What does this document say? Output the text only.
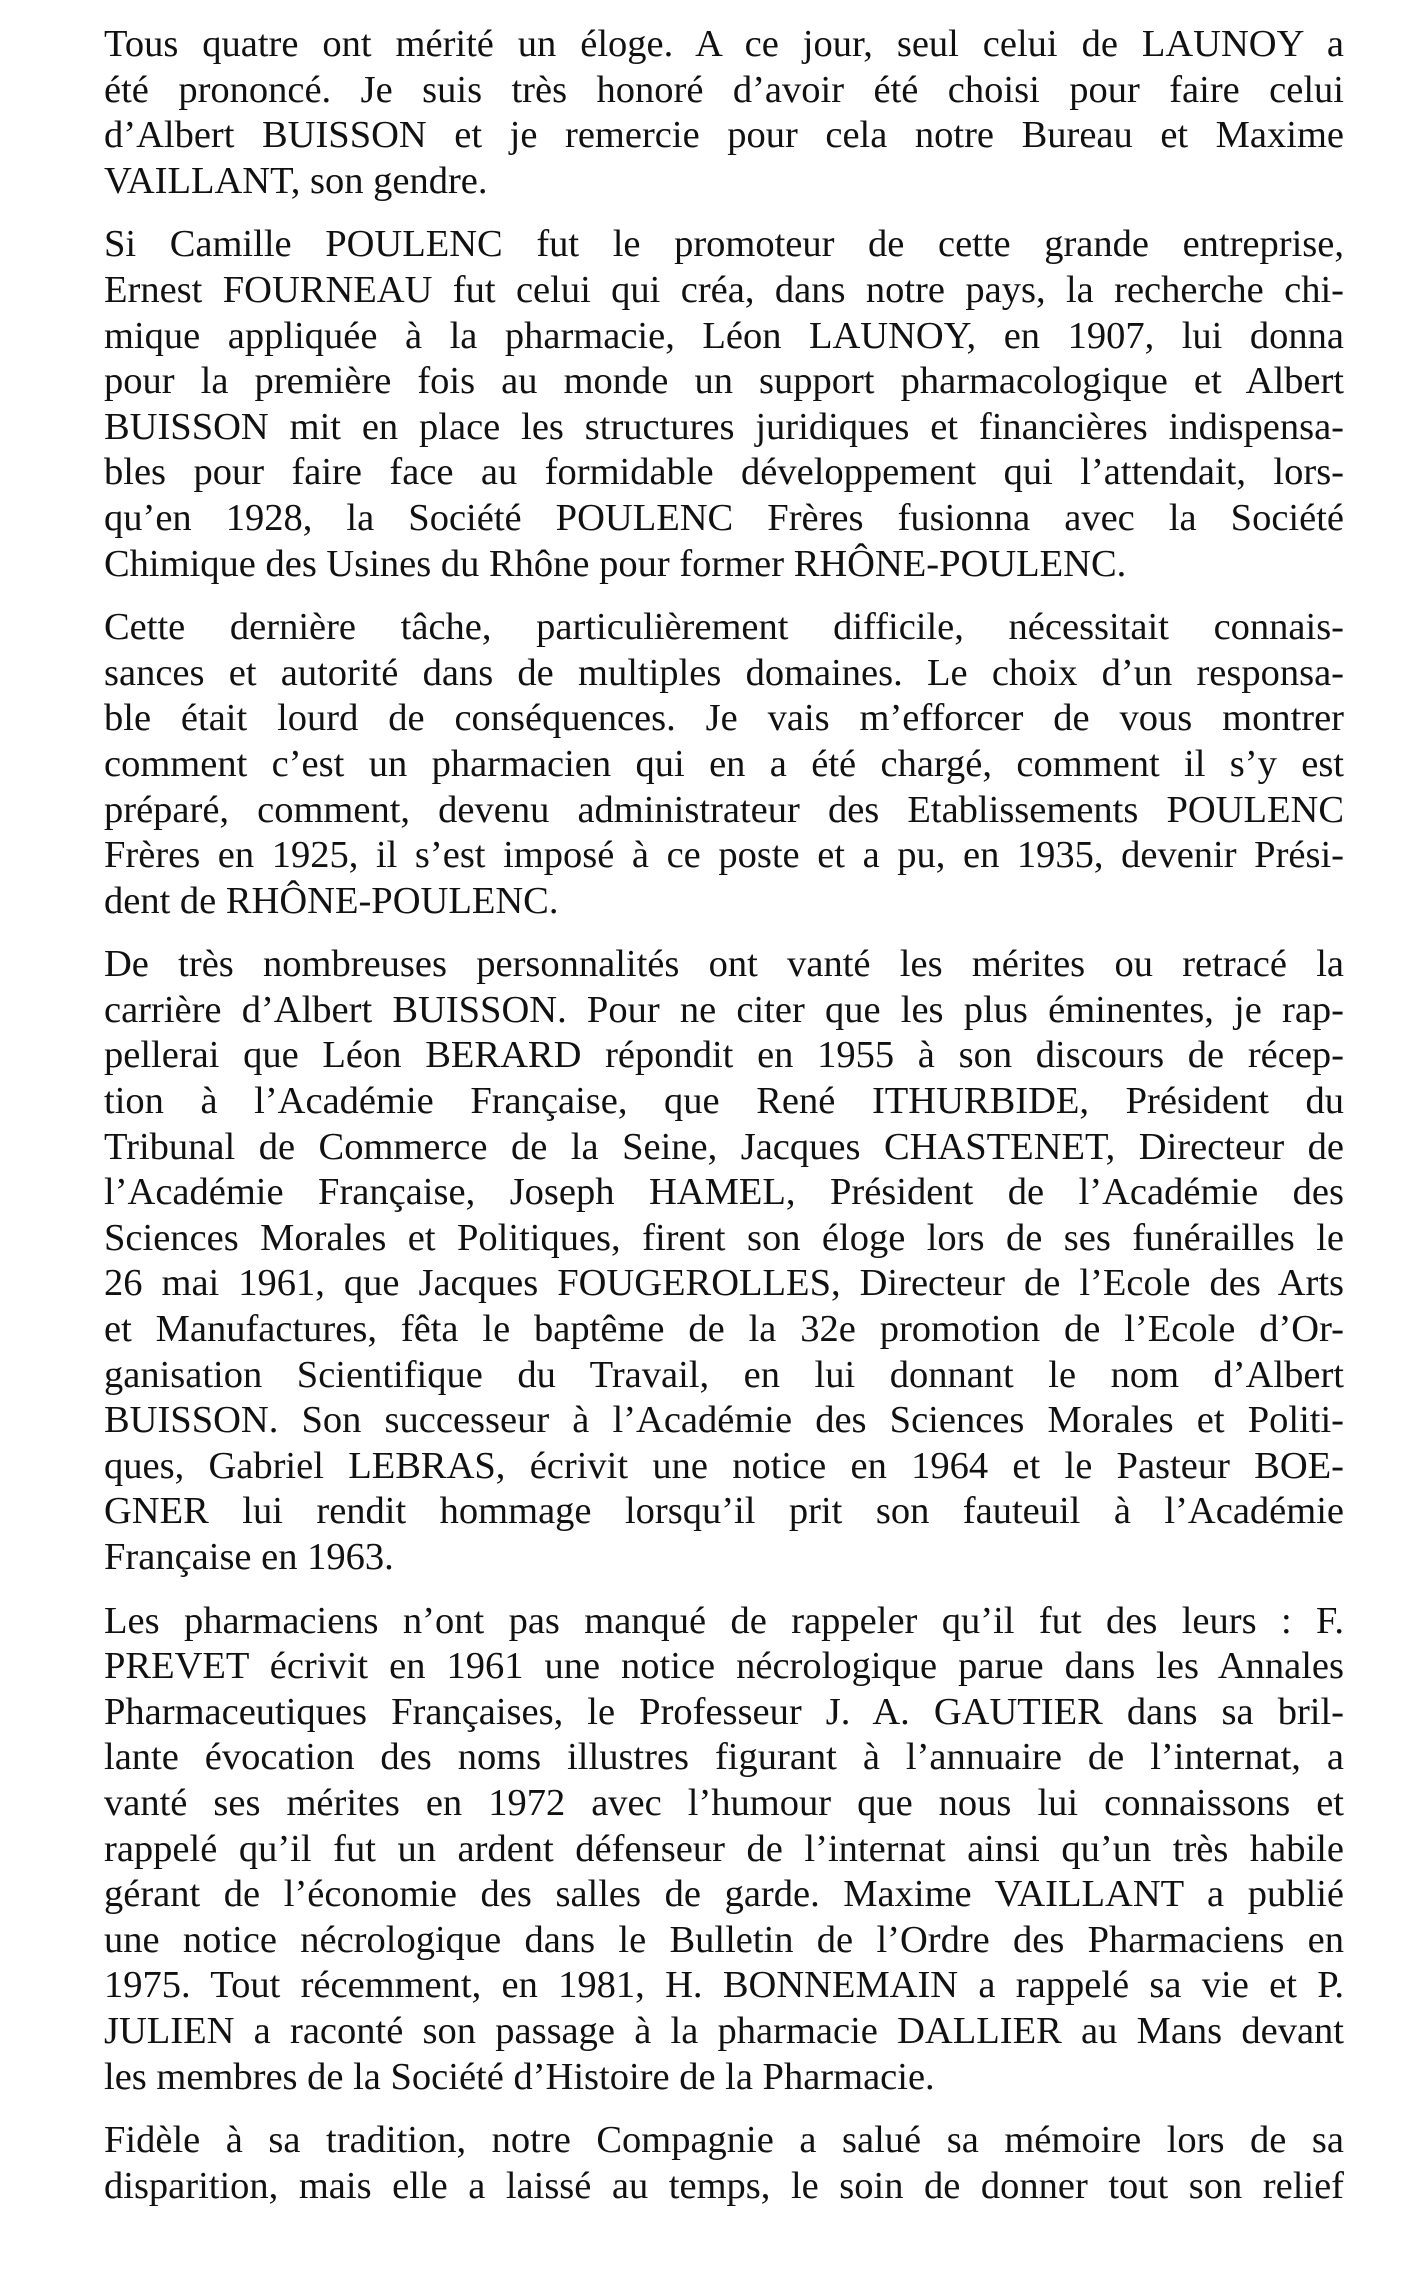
Tous quatre ont mérité un éloge. A ce jour, seul celui de LAUNOY a
été prononcé. Je suis très honoré d’avoir été choisi pour faire celui
d’Albert BUISSON et je remercie pour cela notre Bureau et Maxime
VAILLANT, son gendre.

Si Camille POULENC fut le promoteur de cette grande entreprise,
Ernest FOURNEAU fut celui qui créa, dans notre pays, la recherche chi-
mique appliquée à la pharmacie, Léon LAUNOY, en 1907, lui donna
pour la première fois au monde un support pharmacologique et Albert
BUISSON mit en place les structures juridiques et financières indispensa-
bles pour faire face au formidable développement qui l’attendait, lors-
qu’en 1928, la Société POULENC Frères fusionna avec la Société
Chimique des Usines du Rhône pour former RHÔNE-POULENC.

Cette dernière tâche, particulièrement difficile, nécessitait connais-
sances et autorité dans de multiples domaines. Le choix d’un responsa-
ble était lourd de conséquences. Je vais m’efforcer de vous montrer
comment c’est un pharmacien qui en a été chargé, comment il s’y est
préparé, comment, devenu administrateur des Etablissements POULENC
Frères en 1925, il s’est imposé à ce poste et a pu, en 1935, devenir Prési-
dent de RHÔNE-POULENC.

De très nombreuses personnalités ont vanté les mérites ou retracé la
carrière d’Albert BUISSON. Pour ne citer que les plus éminentes, je rap-
pellerai que Léon BERARD répondit en 1955 à son discours de récep-
tion à l’Académie Française, que René ITHURBIDE, Président du
Tribunal de Commerce de la Seine, Jacques CHASTENET, Directeur de
l’Académie Française, Joseph HAMEL, Président de l’Académie des
Sciences Morales et Politiques, firent son éloge lors de ses funérailles le
26 mai 1961, que Jacques FOUGEROLLES, Directeur de l’Ecole des Arts
et Manufactures, fêta le baptême de la 32e promotion de l’Ecole d’Or-
ganisation Scientifique du Travail, en lui donnant le nom d’Albert
BUISSON. Son successeur à l’Académie des Sciences Morales et Politi-
ques, Gabriel LEBRAS, écrivit une notice en 1964 et le Pasteur BOE-
GNER lui rendit hommage lorsqu’il prit son fauteuil à l’Académie
Française en 1963.

Les pharmaciens n’ont pas manqué de rappeler qu’il fut des leurs : F.
PREVET écrivit en 1961 une notice nécrologique parue dans les Annales
Pharmaceutiques Françaises, le Professeur J. A. GAUTIER dans sa bril-
lante évocation des noms illustres figurant à l’annuaire de l’internat, a
vanté ses mérites en 1972 avec l’humour que nous lui connaissons et
rappelé qu’il fut un ardent défenseur de l’internat ainsi qu’un très habile
gérant de l’économie des salles de garde. Maxime VAILLANT a publié
une notice nécrologique dans le Bulletin de l’Ordre des Pharmaciens en
1975. Tout récemment, en 1981, H. BONNEMAIN a rappelé sa vie et P.
JULIEN a raconté son passage à la pharmacie DALLIER au Mans devant
les membres de la Société d’Histoire de la Pharmacie.

Fidèle à sa tradition, notre Compagnie a salué sa mémoire lors de sa
disparition, mais elle a laissé au temps, le soin de donner tout son relief
